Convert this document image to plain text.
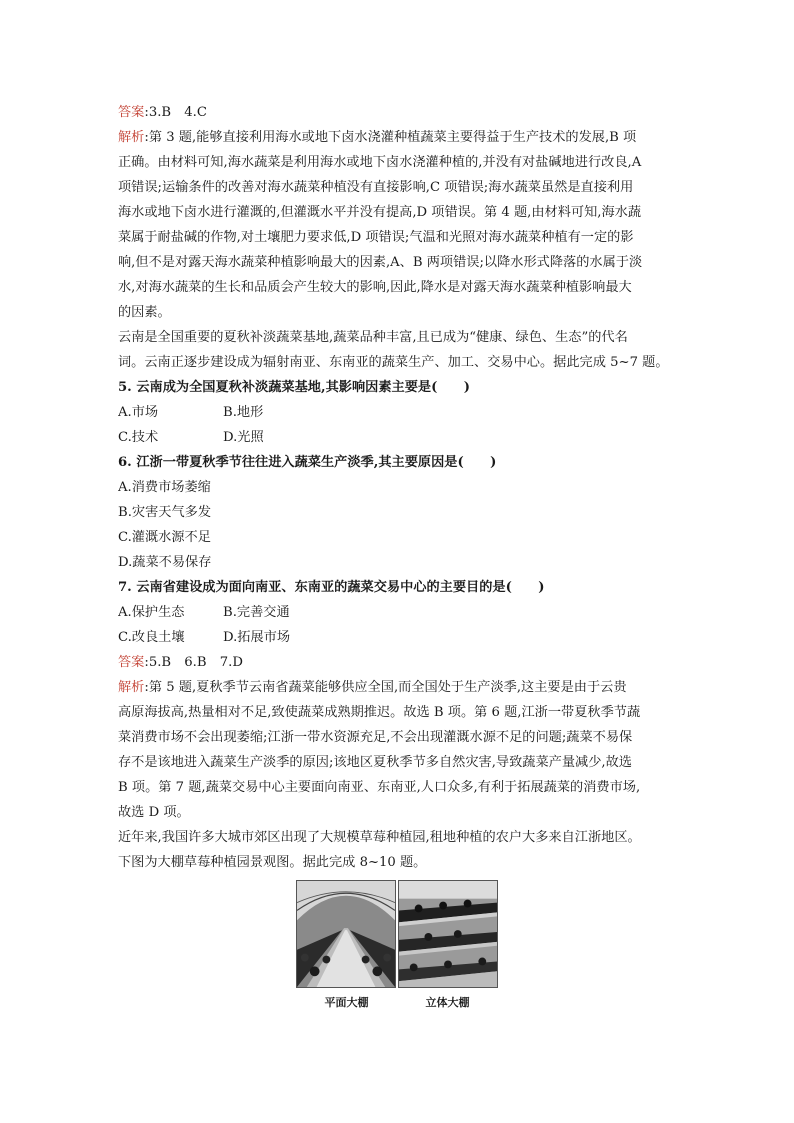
答案:3.B　4.C
解析:第 3 题,能够直接利用海水或地下卤水浇灌种植蔬菜主要得益于生产技术的发展,B 项
正确。由材料可知,海水蔬菜是利用海水或地下卤水浇灌种植的,并没有对盐碱地进行改良,A
项错误;运输条件的改善对海水蔬菜种植没有直接影响,C 项错误;海水蔬菜虽然是直接利用
海水或地下卤水进行灌溉的,但灌溉水平并没有提高,D 项错误。第 4 题,由材料可知,海水蔬
菜属于耐盐碱的作物,对土壤肥力要求低,D 项错误;气温和光照对海水蔬菜种植有一定的影
响,但不是对露天海水蔬菜种植影响最大的因素,A、B 两项错误;以降水形式降落的水属于淡
水,对海水蔬菜的生长和品质会产生较大的影响,因此,降水是对露天海水蔬菜种植影响最大
的因素。
云南是全国重要的夏秋补淡蔬菜基地,蔬菜品种丰富,且已成为“健康、绿色、生态”的代名
词。云南正逐步建设成为辐射南亚、东南亚的蔬菜生产、加工、交易中心。据此完成 5~7 题。
5. 云南成为全国夏秋补淡蔬菜基地,其影响因素主要是(　　)
A.市场	B.地形
C.技术	D.光照
6. 江浙一带夏秋季节往往进入蔬菜生产淡季,其主要原因是(　　)
A.消费市场萎缩
B.灾害天气多发
C.灌溉水源不足
D.蔬菜不易保存
7. 云南省建设成为面向南亚、东南亚的蔬菜交易中心的主要目的是(　　)
A.保护生态	B.完善交通
C.改良土壤	D.拓展市场
答案:5.B　6.B　7.D
解析:第 5 题,夏秋季节云南省蔬菜能够供应全国,而全国处于生产淡季,这主要是由于云贵
高原海拔高,热量相对不足,致使蔬菜成熟期推迟。故选 B 项。第 6 题,江浙一带夏秋季节蔬
菜消费市场不会出现萎缩;江浙一带水资源充足,不会出现灌溉水源不足的问题;蔬菜不易保
存不是该地进入蔬菜生产淡季的原因;该地区夏秋季节多自然灾害,导致蔬菜产量减少,故选
B 项。第 7 题,蔬菜交易中心主要面向南亚、东南亚,人口众多,有利于拓展蔬菜的消费市场,
故选 D 项。
近年来,我国许多大城市郊区出现了大规模草莓种植园,租地种植的农户大多来自江浙地区。
下图为大棚草莓种植园景观图。据此完成 8~10 题。
平面大棚	立体大棚
